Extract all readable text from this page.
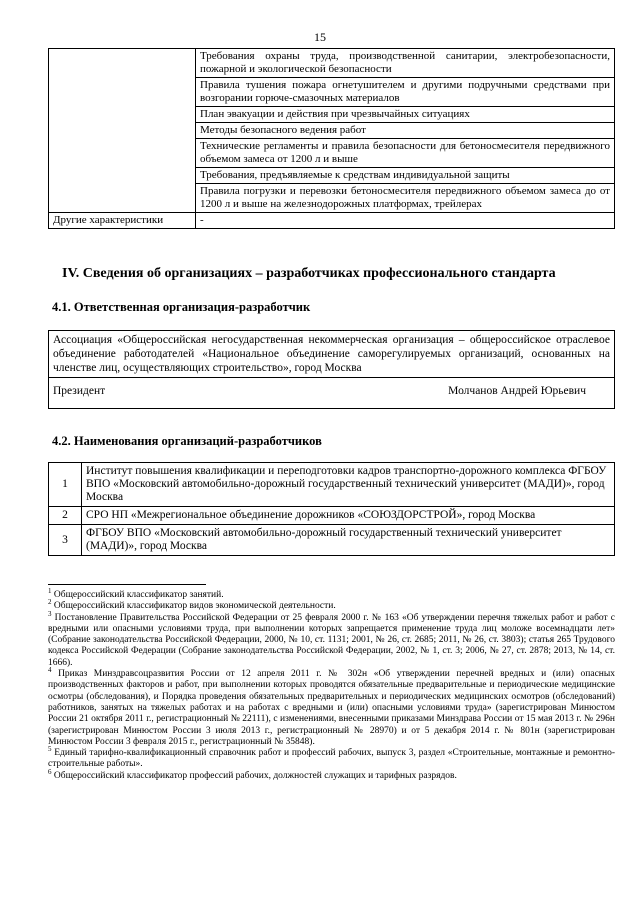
15
	Требования охраны труда, производственной санитарии, электробезопасности, пожарной и экологической безопасности
	Правила тушения пожара огнетушителем и другими подручными средствами при возгорании горюче-смазочных материалов
	План эвакуации и действия при чрезвычайных ситуациях
	Методы безопасного ведения работ
	Технические регламенты и правила безопасности для бетоносмесителя передвижного объемом замеса от 1200 л и выше
	Требования, предъявляемые к средствам индивидуальной защиты
	Правила погрузки и перевозки бетоносмесителя передвижного объемом замеса до от 1200 л и выше на железнодорожных платформах, трейлерах
Другие характеристики	-
IV. Сведения об организациях – разработчиках профессионального стандарта
4.1. Ответственная организация-разработчик
Ассоциация «Общероссийская негосударственная некоммерческая организация – общероссийское отраслевое объединение работодателей «Национальное объединение саморегулируемых организаций, основанных на членстве лиц, осуществляющих строительство», город Москва
Президент	Молчанов Андрей Юрьевич
4.2. Наименования организаций-разработчиков
1	Институт повышения квалификации и переподготовки кадров транспортно-дорожного комплекса ФГБОУ ВПО «Московский автомобильно-дорожный государственный технический университет (МАДИ)», город Москва
2	СРО НП «Межрегиональное объединение дорожников «СОЮЗДОРСТРОЙ», город Москва
3	ФГБОУ ВПО «Московский автомобильно-дорожный государственный технический университет (МАДИ)», город Москва

$^1$ Общероссийский классификатор занятий.

$^2$ Общероссийский классификатор видов экономической деятельности.

$^3$ Постановление Правительства Российской Федерации от 25 февраля 2000 г. № 163 «Об утверждении перечня тяжелых работ и работ с вредными или опасными условиями труда, при выполнении которых запрещается применение труда лиц моложе восемнадцати лет» (Собрание законодательства Российской Федерации, 2000, № 10, ст. 1131; 2001, № 26, ст. 2685; 2011, № 26, ст. 3803); статья 265 Трудового кодекса Российской Федерации (Собрание законодательства Российской Федерации, 2002, № 1, ст. 3; 2006, № 27, ст. 2878; 2013, № 14, ст. 1666).

$^4$ Приказ Минздравсоцразвития России от 12 апреля 2011 г. № 302н «Об утверждении перечней вредных и (или) опасных производственных факторов и работ, при выполнении которых проводятся обязательные предварительные и периодические медицинские осмотры (обследования), и Порядка проведения обязательных предварительных и периодических медицинских осмотров (обследований) работников, занятых на тяжелых работах и на работах с вредными и (или) опасными условиями труда» (зарегистрирован Минюстом России 21 октября 2011 г., регистрационный № 22111), с изменениями, внесенными приказами Минздрава России от 15 мая 2013 г. № 296н (зарегистрирован Минюстом России 3 июля 2013 г., регистрационный № 28970) и от 5 декабря 2014 г. № 801н (зарегистрирован Минюстом России 3 февраля 2015 г., регистрационный № 35848).

$^5$ Единый тарифно-квалификационный справочник работ и профессий рабочих, выпуск 3, раздел «Строительные, монтажные и ремонтно-строительные работы».

$^6$ Общероссийский классификатор профессий рабочих, должностей служащих и тарифных разрядов.
